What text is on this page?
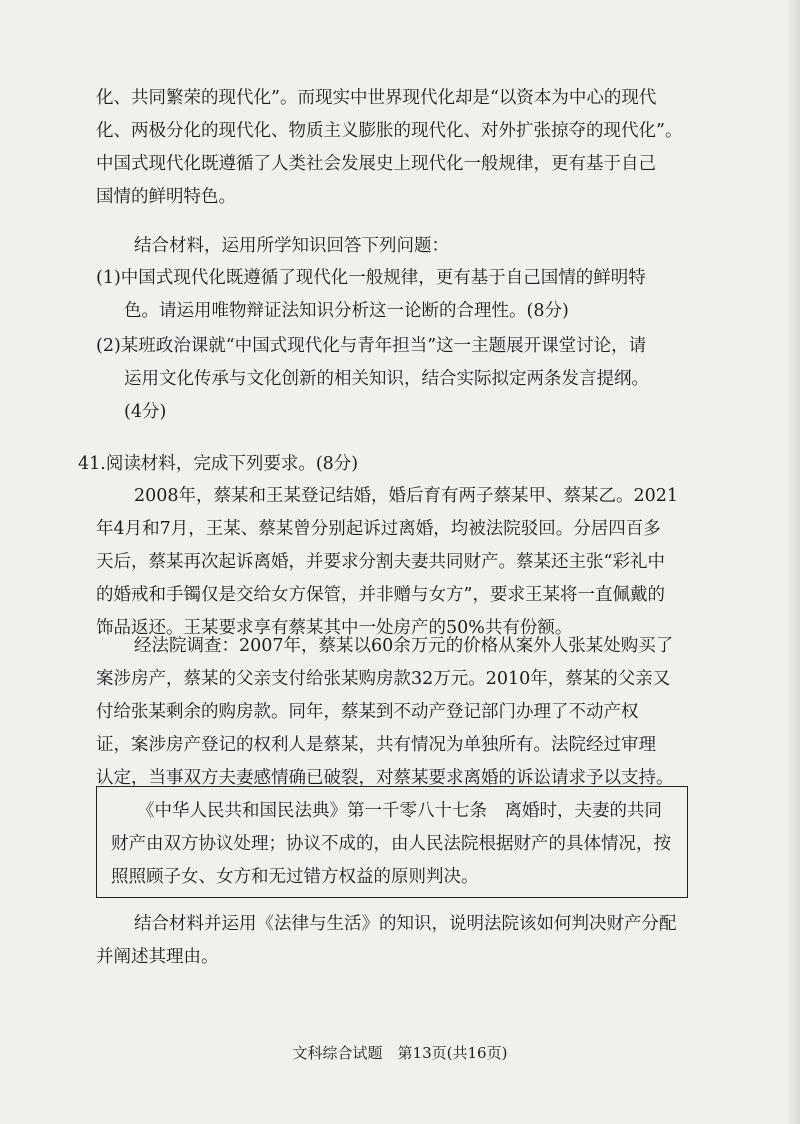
化、共同繁荣的现代化”。而现实中世界现代化却是“以资本为中心的现代
化、两极分化的现代化、物质主义膨胀的现代化、对外扩张掠夺的现代化”。
中国式现代化既遵循了人类社会发展史上现代化一般规律，更有基于自己
国情的鲜明特色。
结合材料，运用所学知识回答下列问题：
(1)中国式现代化既遵循了现代化一般规律，更有基于自己国情的鲜明特
色。请运用唯物辩证法知识分析这一论断的合理性。(8分)
(2)某班政治课就“中国式现代化与青年担当”这一主题展开课堂讨论，请
运用文化传承与文化创新的相关知识，结合实际拟定两条发言提纲。
(4分)
41.阅读材料，完成下列要求。(8分)
2008年，蔡某和王某登记结婚，婚后育有两子蔡某甲、蔡某乙。2021
年4月和7月，王某、蔡某曾分别起诉过离婚，均被法院驳回。分居四百多
天后，蔡某再次起诉离婚，并要求分割夫妻共同财产。蔡某还主张“彩礼中
的婚戒和手镯仅是交给女方保管，并非赠与女方”，要求王某将一直佩戴的
饰品返还。王某要求享有蔡某其中一处房产的50%共有份额。
经法院调查：2007年，蔡某以60余万元的价格从案外人张某处购买了
案涉房产，蔡某的父亲支付给张某购房款32万元。2010年，蔡某的父亲又
付给张某剩余的购房款。同年，蔡某到不动产登记部门办理了不动产权
证，案涉房产登记的权利人是蔡某，共有情况为单独所有。法院经过审理
认定，当事双方夫妻感情确已破裂，对蔡某要求离婚的诉讼请求予以支持。
《中华人民共和国民法典》第一千零八十七条　离婚时，夫妻的共同
财产由双方协议处理；协议不成的，由人民法院根据财产的具体情况，按
照照顾子女、女方和无过错方权益的原则判决。
结合材料并运用《法律与生活》的知识，说明法院该如何判决财产分配
并阐述其理由。
文科综合试题　第13页(共16页)
